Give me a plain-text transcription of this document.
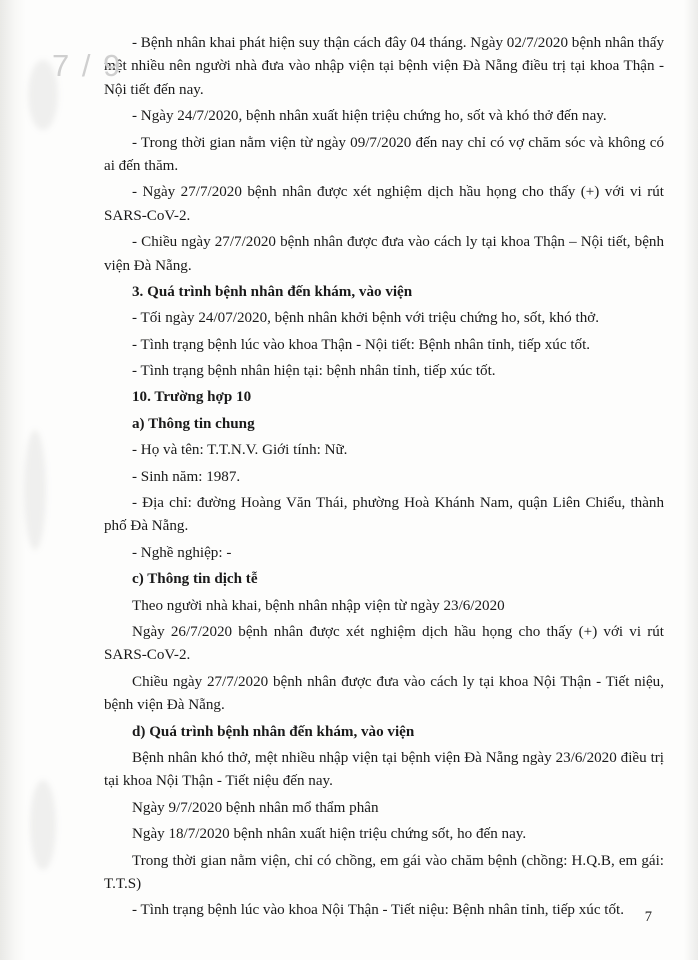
7 / 9

- Bệnh nhân khai phát hiện suy thận cách đây 04 tháng. Ngày 02/7/2020 bệnh nhân thấy mệt nhiều nên người nhà đưa vào nhập viện tại bệnh viện Đà Nẵng điều trị tại khoa Thận - Nội tiết đến nay.

- Ngày 24/7/2020, bệnh nhân xuất hiện triệu chứng ho, sốt và khó thở đến nay.

- Trong thời gian nằm viện từ ngày 09/7/2020 đến nay chỉ có vợ chăm sóc và không có ai đến thăm.

- Ngày 27/7/2020 bệnh nhân được xét nghiệm dịch hầu họng cho thấy (+) với vi rút SARS-CoV-2.

- Chiều ngày 27/7/2020 bệnh nhân được đưa vào cách ly tại khoa Thận – Nội tiết, bệnh viện Đà Nẵng.

3. Quá trình bệnh nhân đến khám, vào viện

- Tối ngày 24/07/2020, bệnh nhân khởi bệnh với triệu chứng ho, sốt, khó thở.

- Tình trạng bệnh lúc vào khoa Thận - Nội tiết: Bệnh nhân tỉnh, tiếp xúc tốt.

- Tình trạng bệnh nhân hiện tại: bệnh nhân tỉnh, tiếp xúc tốt.

10. Trường hợp 10

a) Thông tin chung

- Họ và tên: T.T.N.V. Giới tính: Nữ.

- Sinh năm: 1987.

- Địa chỉ: đường Hoàng Văn Thái, phường Hoà Khánh Nam, quận Liên Chiểu, thành phố Đà Nẵng.

- Nghề nghiệp: -

c) Thông tin dịch tễ

Theo người nhà khai, bệnh nhân nhập viện từ ngày 23/6/2020

Ngày 26/7/2020 bệnh nhân được xét nghiệm dịch hầu họng cho thấy (+) với vi rút SARS-CoV-2.

Chiều ngày 27/7/2020 bệnh nhân được đưa vào cách ly tại khoa Nội Thận - Tiết niệu, bệnh viện Đà Nẵng.

d) Quá trình bệnh nhân đến khám, vào viện

Bệnh nhân khó thở, mệt nhiều nhập viện tại bệnh viện Đà Nẵng ngày 23/6/2020 điều trị tại khoa Nội Thận - Tiết niệu đến nay.

Ngày 9/7/2020 bệnh nhân mổ thẩm phân

Ngày 18/7/2020 bệnh nhân xuất hiện triệu chứng sốt, ho đến nay.

Trong thời gian nằm viện, chỉ có chồng, em gái vào chăm bệnh (chồng: H.Q.B, em gái: T.T.S)

- Tình trạng bệnh lúc vào khoa Nội Thận - Tiết niệu: Bệnh nhân tỉnh, tiếp xúc tốt.	7
